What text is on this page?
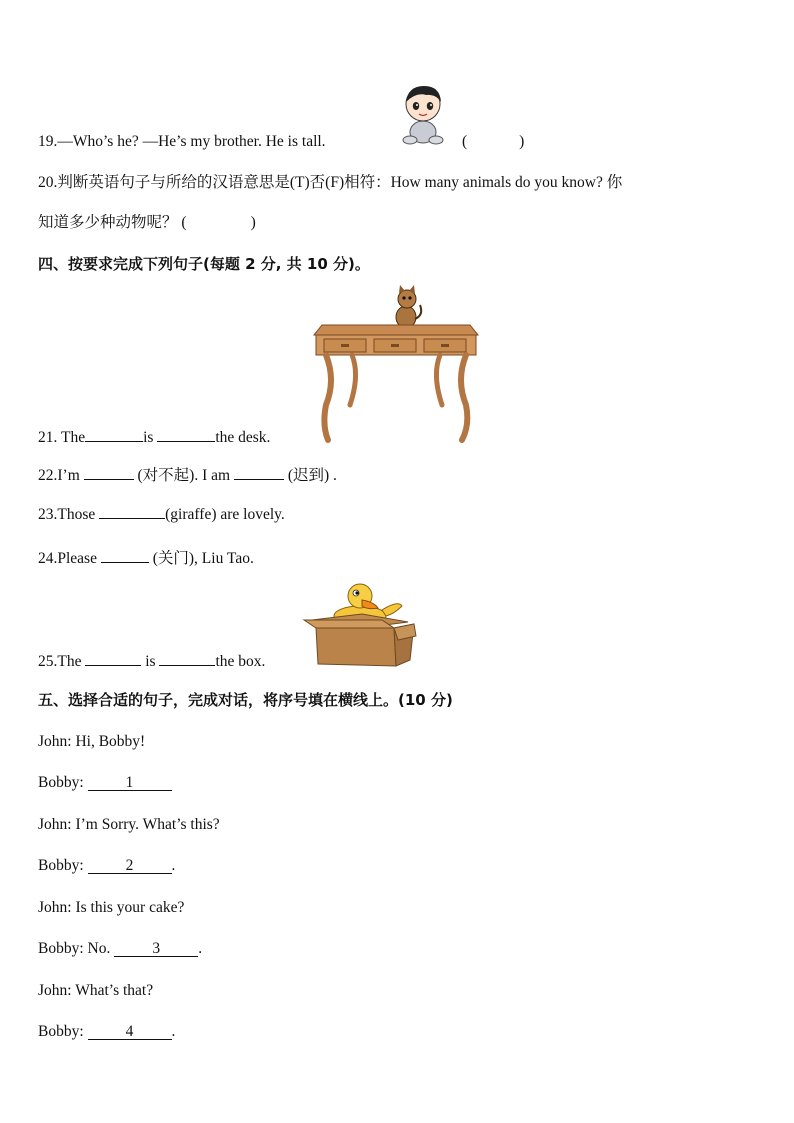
19.—Who’s he? —He’s my brother. He is tall.	(	)
20.判断英语句子与所给的汉语意思是(T)否(F)相符：How many animals do you know? 你
知道多少种动物呢？ (	)
四、按要求完成下列句子(每题 2 分, 共 10 分)。
21. The	is	the desk.
22.I’m	(对不起). I am	(迟到) .
23.Those	(giraffe) are lovely.
24.Please	(关门), Liu Tao.
25.The	is	the box.
五、选择合适的句子，完成对话，将序号填在横线上。(10 分)
John: Hi, Bobby!
Bobby:	1
John: I’m Sorry. What’s this?
Bobby:	2 .
John: Is this your cake?
Bobby: No.	3 .
John: What’s that?
Bobby:	4 .
